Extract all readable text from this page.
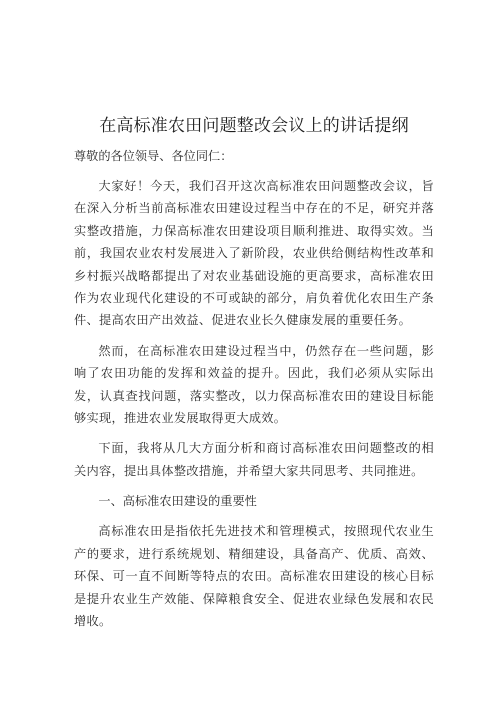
在高标准农田问题整改会议上的讲话提纲

尊敬的各位领导、各位同仁：

大家好！今天，我们召开这次高标准农田问题整改会议，旨在深入分析当前高标准农田建设过程当中存在的不足，研究并落实整改措施，力保高标准农田建设项目顺利推进、取得实效。当前，我国农业农村发展进入了新阶段，农业供给侧结构性改革和乡村振兴战略都提出了对农业基础设施的更高要求，高标准农田作为农业现代化建设的不可或缺的部分，肩负着优化农田生产条件、提高农田产出效益、促进农业长久健康发展的重要任务。

然而，在高标准农田建设过程当中，仍然存在一些问题，影响了农田功能的发挥和效益的提升。因此，我们必须从实际出发，认真查找问题，落实整改，以力保高标准农田的建设目标能够实现，推进农业发展取得更大成效。

下面，我将从几大方面分析和商讨高标准农田问题整改的相关内容，提出具体整改措施，并希望大家共同思考、共同推进。

一、高标准农田建设的重要性

高标准农田是指依托先进技术和管理模式，按照现代农业生产的要求，进行系统规划、精细建设，具备高产、优质、高效、环保、可一直不间断等特点的农田。高标准农田建设的核心目标是提升农业生产效能、保障粮食安全、促进农业绿色发展和农民增收。
